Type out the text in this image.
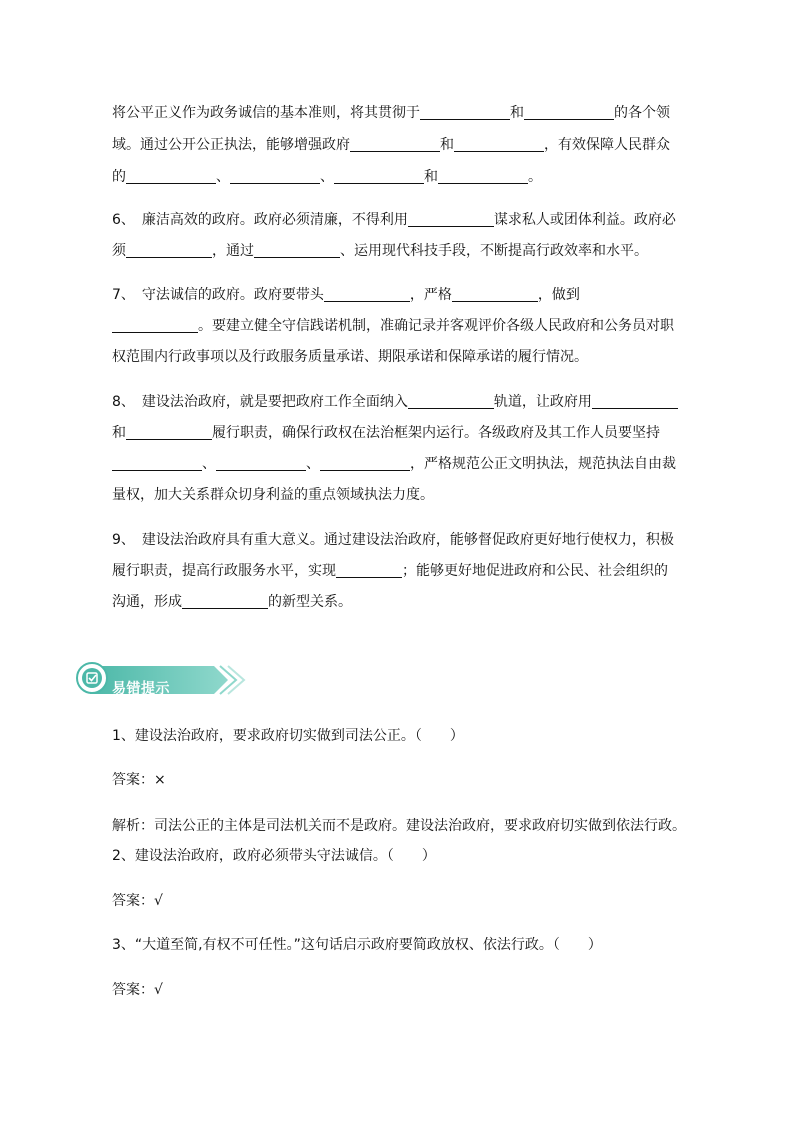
将公平正义作为政务诚信的基本准则，将其贯彻于	和	的各个领
域。通过公开公正执法，能够增强政府	和	，有效保障人民群众
的	、	、	和	。
6、　廉洁高效的政府。政府必须清廉，不得利用	谋求私人或团体利益。政府必
须	，通过	、运用现代科技手段，不断提高行政效率和水平。
7、　守法诚信的政府。政府要带头	，严格	，做到
。要建立健全守信践诺机制，准确记录并客观评价各级人民政府和公务员对职
权范围内行政事项以及行政服务质量承诺、期限承诺和保障承诺的履行情况。
8、　建设法治政府，就是要把政府工作全面纳入	轨道，让政府用
和	履行职责，确保行政权在法治框架内运行。各级政府及其工作人员要坚持
、	、	，严格规范公正文明执法，规范执法自由裁
量权，加大关系群众切身利益的重点领域执法力度。
9、　建设法治政府具有重大意义。通过建设法治政府，能够督促政府更好地行使权力，积极
履行职责，提高行政服务水平，实现	；能够更好地促进政府和公民、社会组织的
沟通，形成	的新型关系。
易错提示
1、建设法治政府，要求政府切实做到司法公正。（　　）
答案：×
解析：司法公正的主体是司法机关而不是政府。建设法治政府，要求政府切实做到依法行政。
2、建设法治政府，政府必须带头守法诚信。（　　）
答案：√
3、“大道至简,有权不可任性。”这句话启示政府要简政放权、依法行政。（　　）
答案：√
